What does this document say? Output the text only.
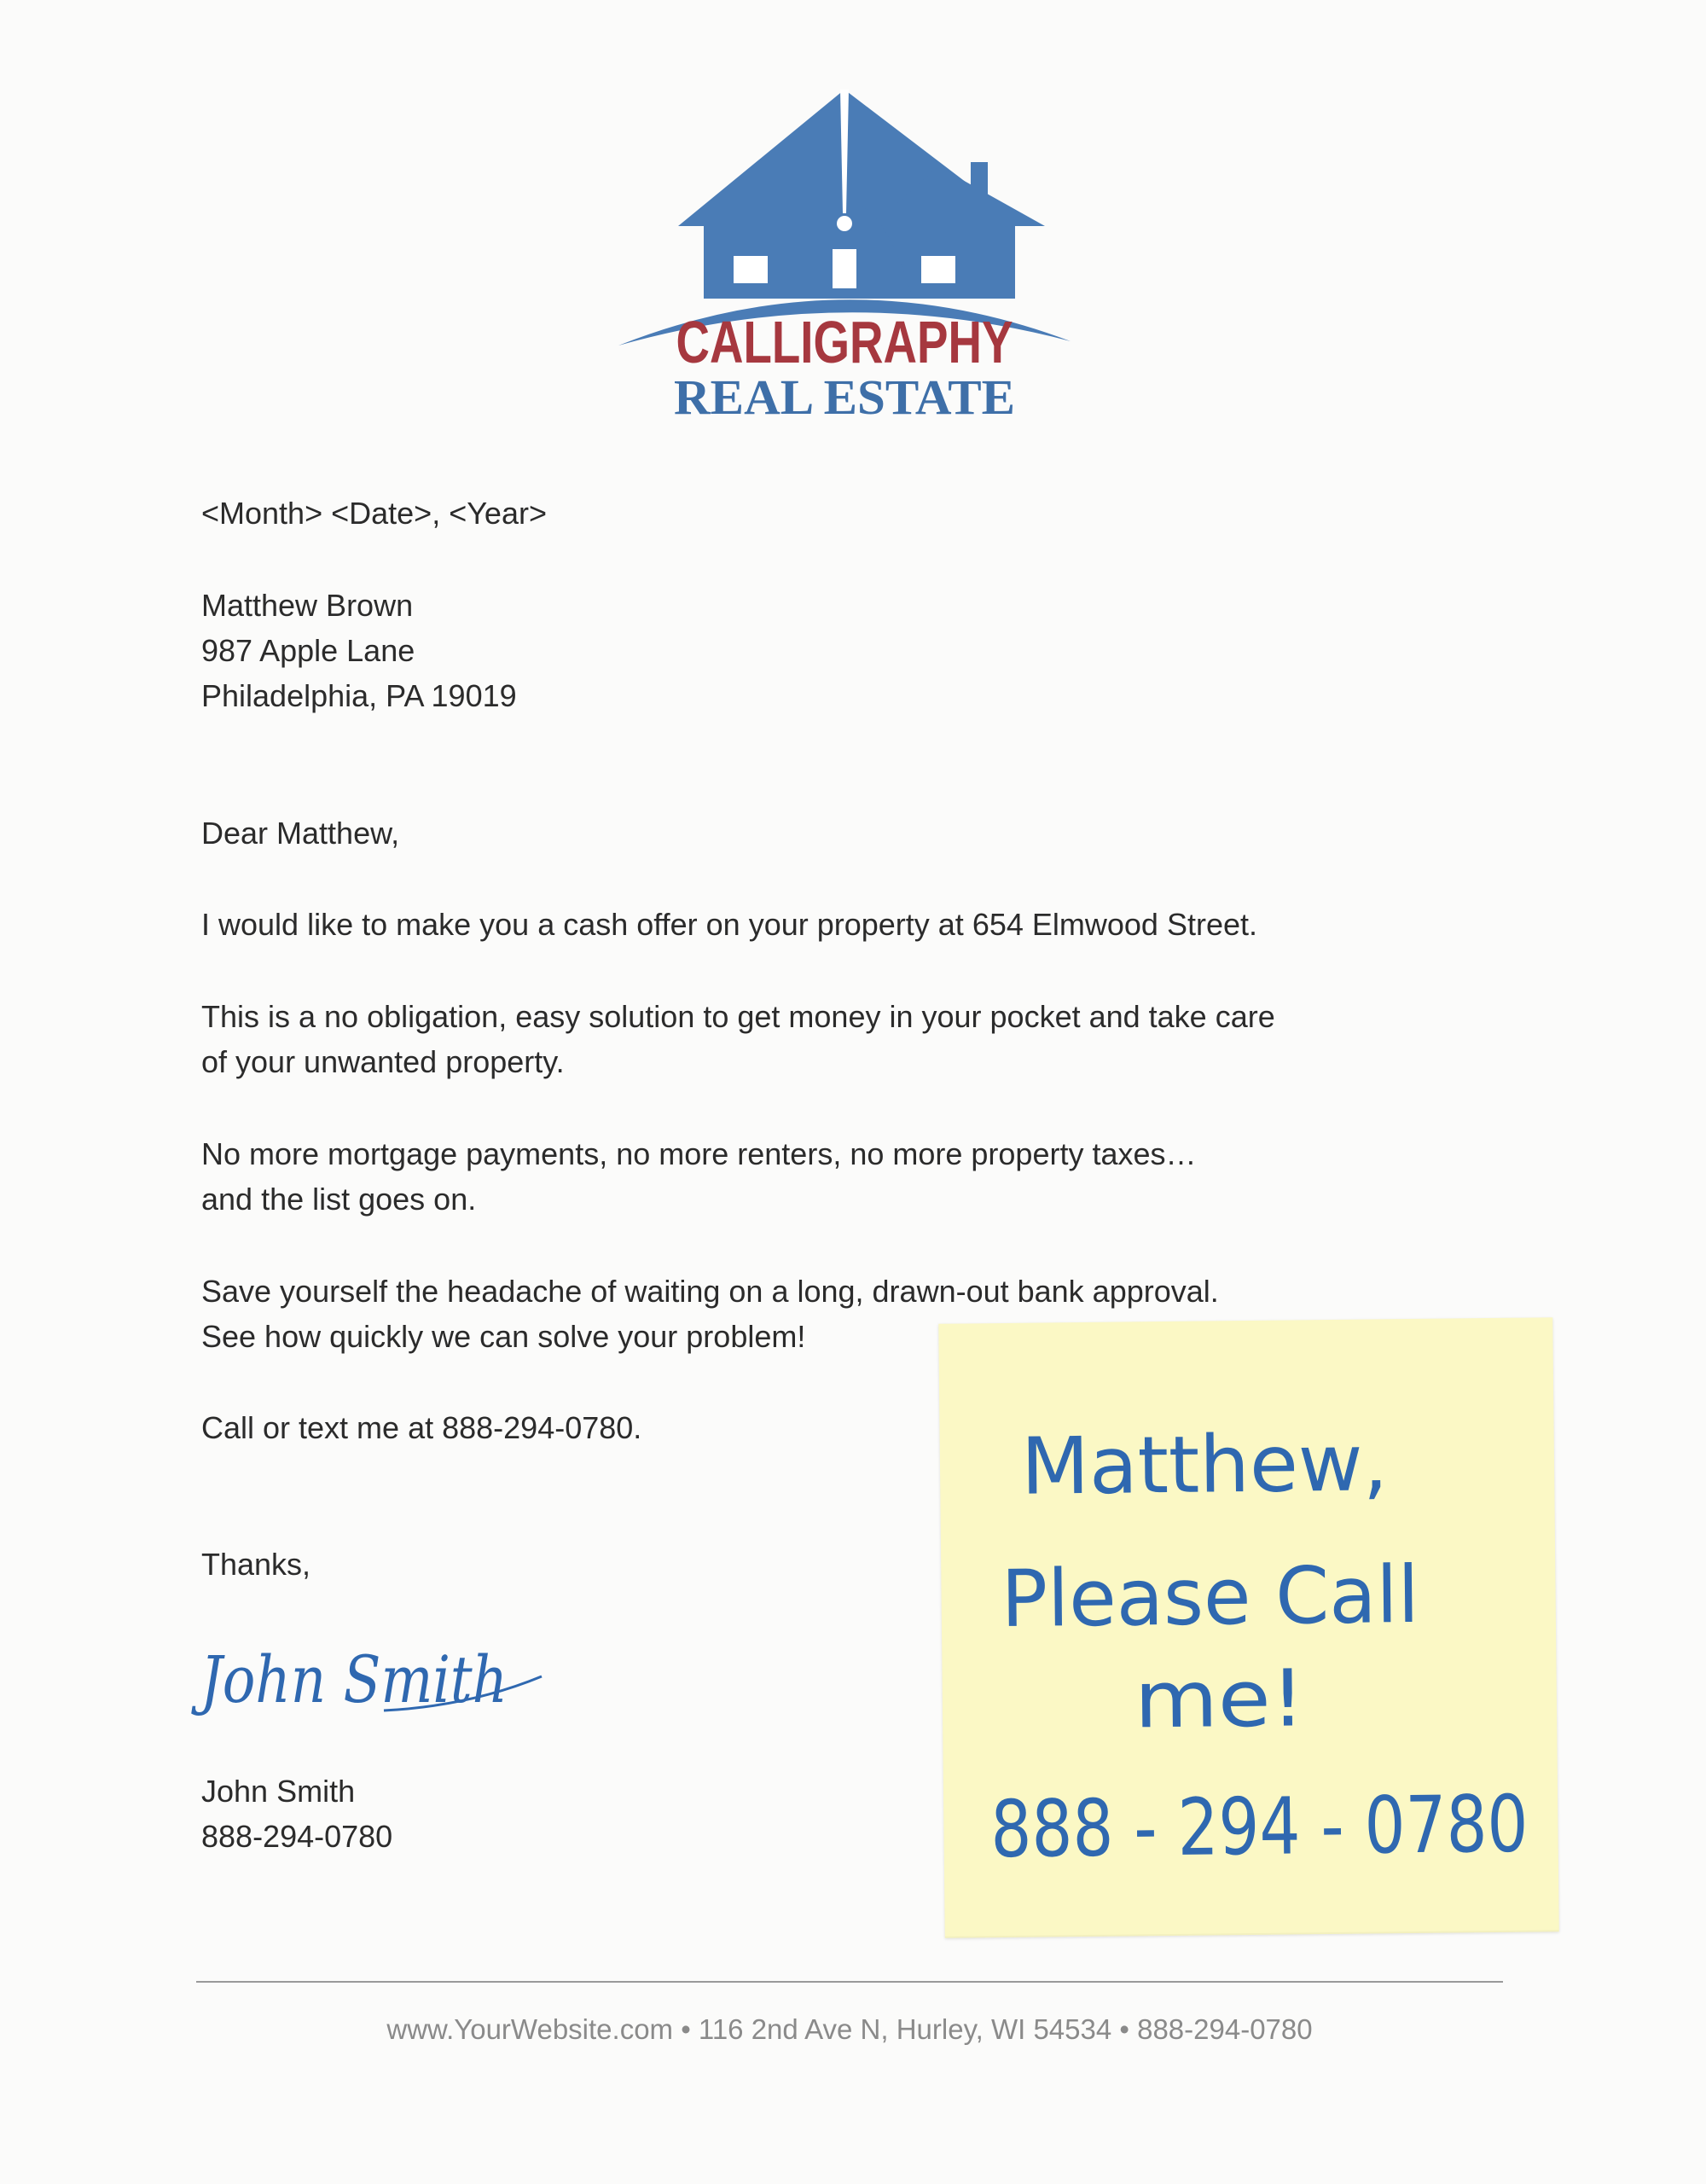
CALLIGRAPHY
REAL ESTATE

<Month> <Date>, <Year>

Matthew Brown

987 Apple Lane

Philadelphia, PA 19019

Dear Matthew,

I would like to make you a cash offer on your property at 654 Elmwood Street.

This is a no obligation, easy solution to get money in your pocket and take care

of your unwanted property.

No more mortgage payments, no more renters, no more property taxes…

and the list goes on.

Save yourself the headache of waiting on a long, drawn-out bank approval.

See how quickly we can solve your problem!

Call or text me at 888-294-0780.

Thanks,

John Smith

John Smith

888-294-0780

Matthew,
Please Call
me!
888 - 294 - 0780
www.YourWebsite.com • 116 2nd Ave N, Hurley, WI 54534 • 888-294-0780
